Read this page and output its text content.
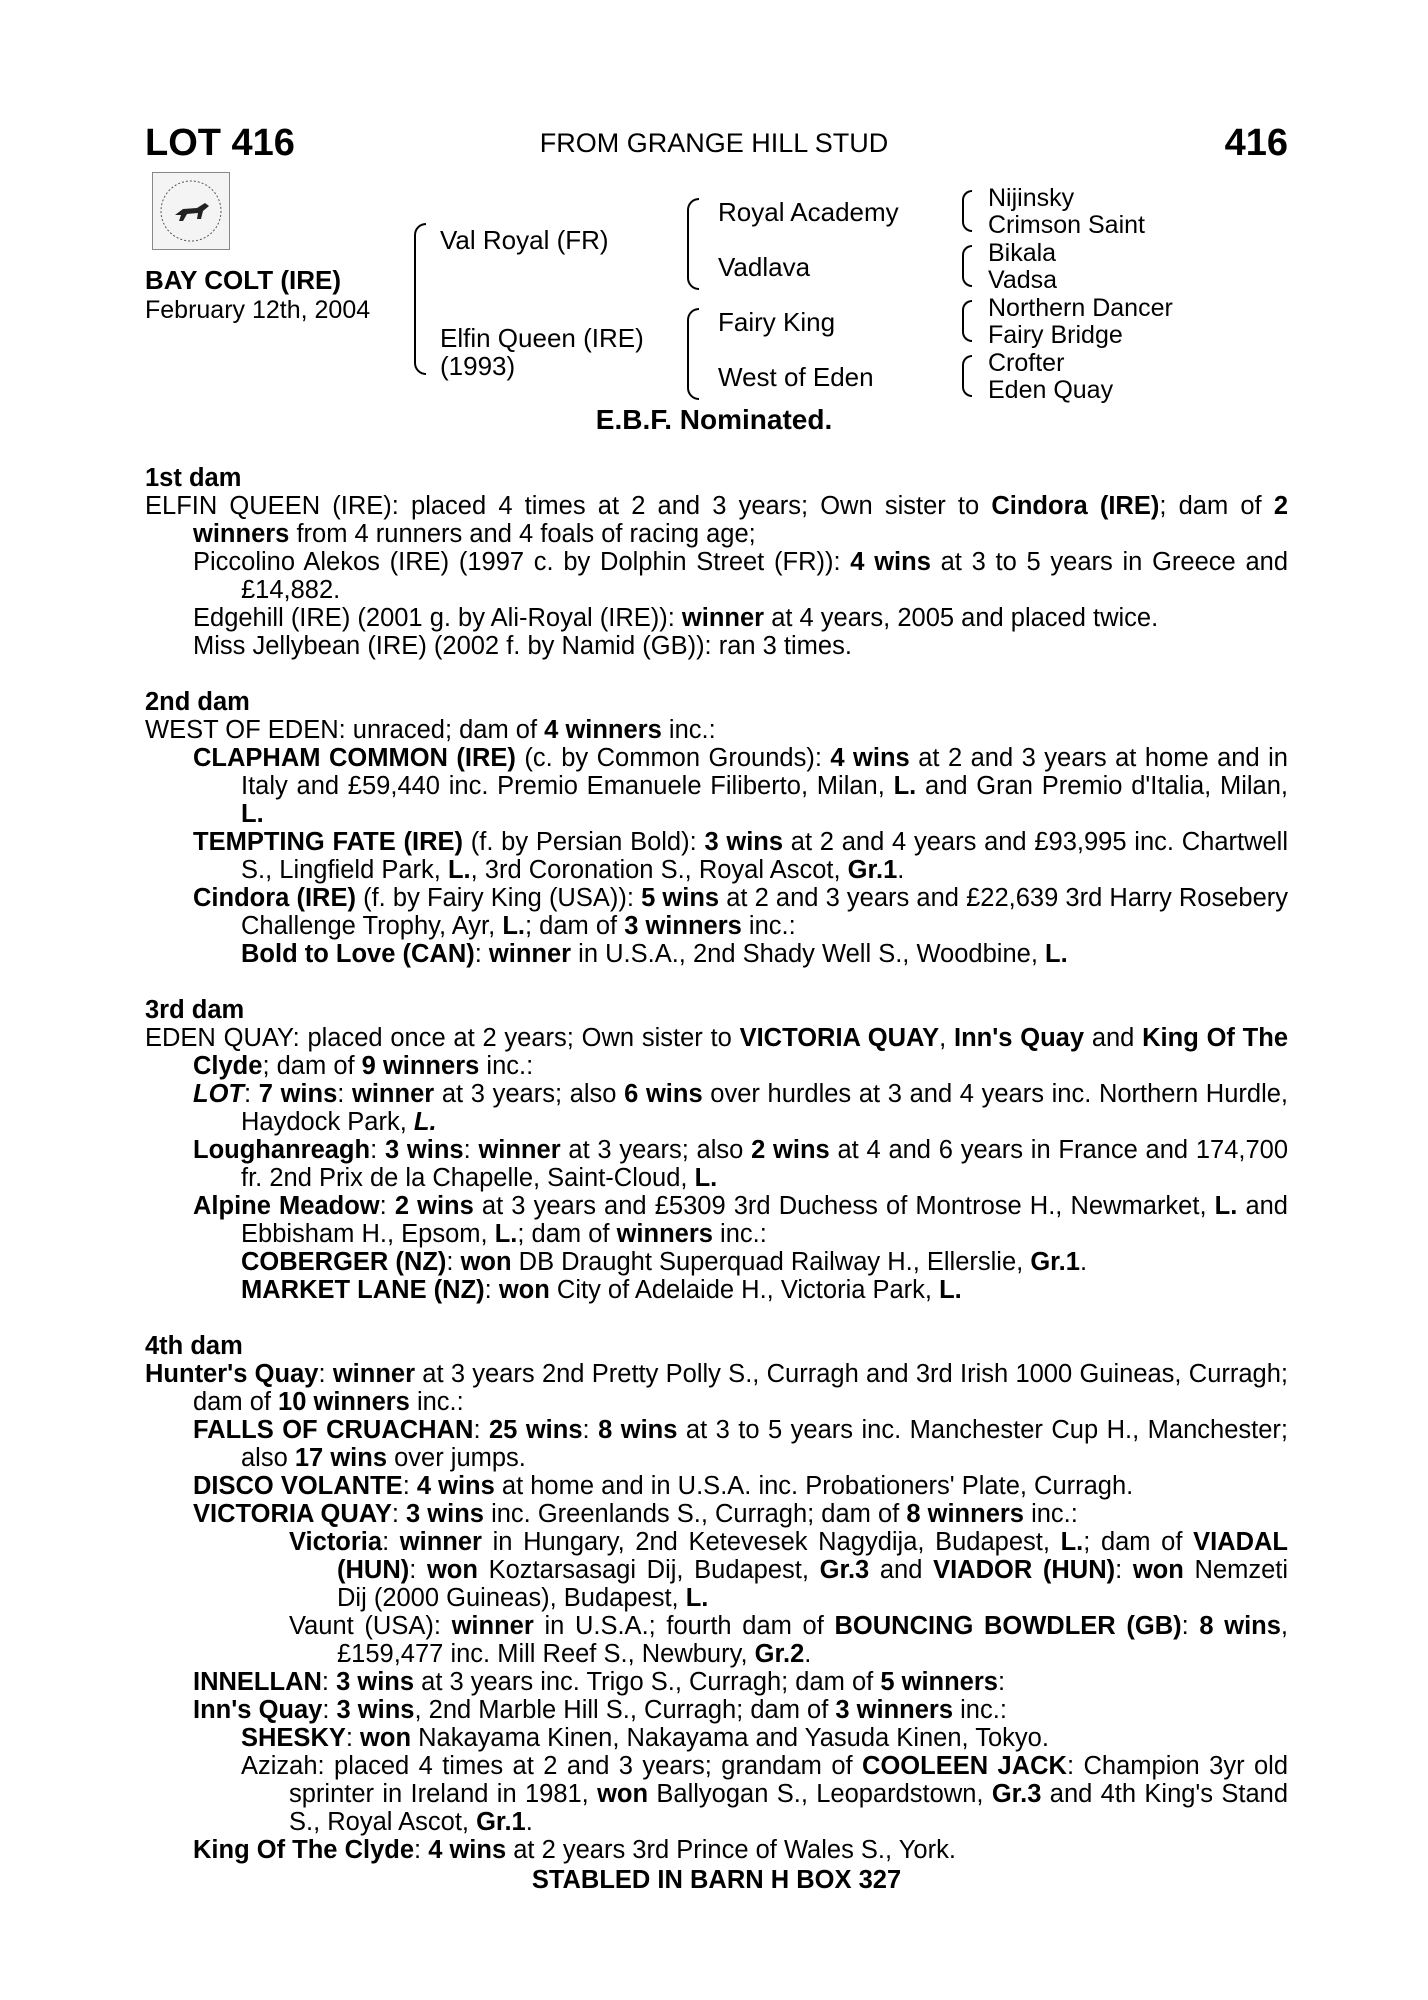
LOT 416	FROM GRANGE HILL STUD	416
BAY COLT (IRE)
February 12th, 2004
Val Royal (FR)
Elfin Queen (IRE)
(1993)
Royal Academy
Vadlava
Fairy King
West of Eden
Nijinsky
Crimson Saint
Bikala
Vadsa
Northern Dancer
Fairy Bridge
Crofter
Eden Quay
E.B.F. Nominated.

1st dam

ELFIN QUEEN (IRE): placed 4 times at 2 and 3 years; Own sister to Cindora (IRE); dam of 2 winners from 4 runners and 4 foals of racing age;

Piccolino Alekos (IRE) (1997 c. by Dolphin Street (FR)): 4 wins at 3 to 5 years in Greece and £14,882.

Edgehill (IRE) (2001 g. by Ali-Royal (IRE)): winner at 4 years, 2005 and placed twice.

Miss Jellybean (IRE) (2002 f. by Namid (GB)): ran 3 times.

2nd dam

WEST OF EDEN: unraced; dam of 4 winners inc.:

CLAPHAM COMMON (IRE) (c. by Common Grounds): 4 wins at 2 and 3 years at home and in Italy and £59,440 inc. Premio Emanuele Filiberto, Milan, L. and Gran Premio d'Italia, Milan, L.

TEMPTING FATE (IRE) (f. by Persian Bold): 3 wins at 2 and 4 years and £93,995 inc. Chartwell S., Lingfield Park, L., 3rd Coronation S., Royal Ascot, Gr.1.

Cindora (IRE) (f. by Fairy King (USA)): 5 wins at 2 and 3 years and £22,639 3rd Harry Rosebery Challenge Trophy, Ayr, L.; dam of 3 winners inc.:

Bold to Love (CAN): winner in U.S.A., 2nd Shady Well S., Woodbine, L.

3rd dam

EDEN QUAY: placed once at 2 years; Own sister to VICTORIA QUAY, Inn's Quay and King Of The Clyde; dam of 9 winners inc.:

LOT: 7 wins: winner at 3 years; also 6 wins over hurdles at 3 and 4 years inc. Northern Hurdle, Haydock Park, L.

Loughanreagh: 3 wins: winner at 3 years; also 2 wins at 4 and 6 years in France and 174,700 fr. 2nd Prix de la Chapelle, Saint-Cloud, L.

Alpine Meadow: 2 wins at 3 years and £5309 3rd Duchess of Montrose H., Newmarket, L. and Ebbisham H., Epsom, L.; dam of winners inc.:

COBERGER (NZ): won DB Draught Superquad Railway H., Ellerslie, Gr.1.

MARKET LANE (NZ): won City of Adelaide H., Victoria Park, L.

4th dam

Hunter's Quay: winner at 3 years 2nd Pretty Polly S., Curragh and 3rd Irish 1000 Guineas, Curragh; dam of 10 winners inc.:

FALLS OF CRUACHAN: 25 wins: 8 wins at 3 to 5 years inc. Manchester Cup H., Manchester; also 17 wins over jumps.

DISCO VOLANTE: 4 wins at home and in U.S.A. inc. Probationers' Plate, Curragh.

VICTORIA QUAY: 3 wins inc. Greenlands S., Curragh; dam of 8 winners inc.:

Victoria: winner in Hungary, 2nd Ketevesek Nagydija, Budapest, L.; dam of VIADAL (HUN): won Koztarsasagi Dij, Budapest, Gr.3 and VIADOR (HUN): won Nemzeti Dij (2000 Guineas), Budapest, L.

Vaunt (USA): winner in U.S.A.; fourth dam of BOUNCING BOWDLER (GB): 8 wins, £159,477 inc. Mill Reef S., Newbury, Gr.2.

INNELLAN: 3 wins at 3 years inc. Trigo S., Curragh; dam of 5 winners:

Inn's Quay: 3 wins, 2nd Marble Hill S., Curragh; dam of 3 winners inc.:

SHESKY: won Nakayama Kinen, Nakayama and Yasuda Kinen, Tokyo.

Azizah: placed 4 times at 2 and 3 years; grandam of COOLEEN JACK: Champion 3yr old sprinter in Ireland in 1981, won Ballyogan S., Leopardstown, Gr.3 and 4th King's Stand S., Royal Ascot, Gr.1.

King Of The Clyde: 4 wins at 2 years 3rd Prince of Wales S., York.

STABLED IN BARN H BOX 327
